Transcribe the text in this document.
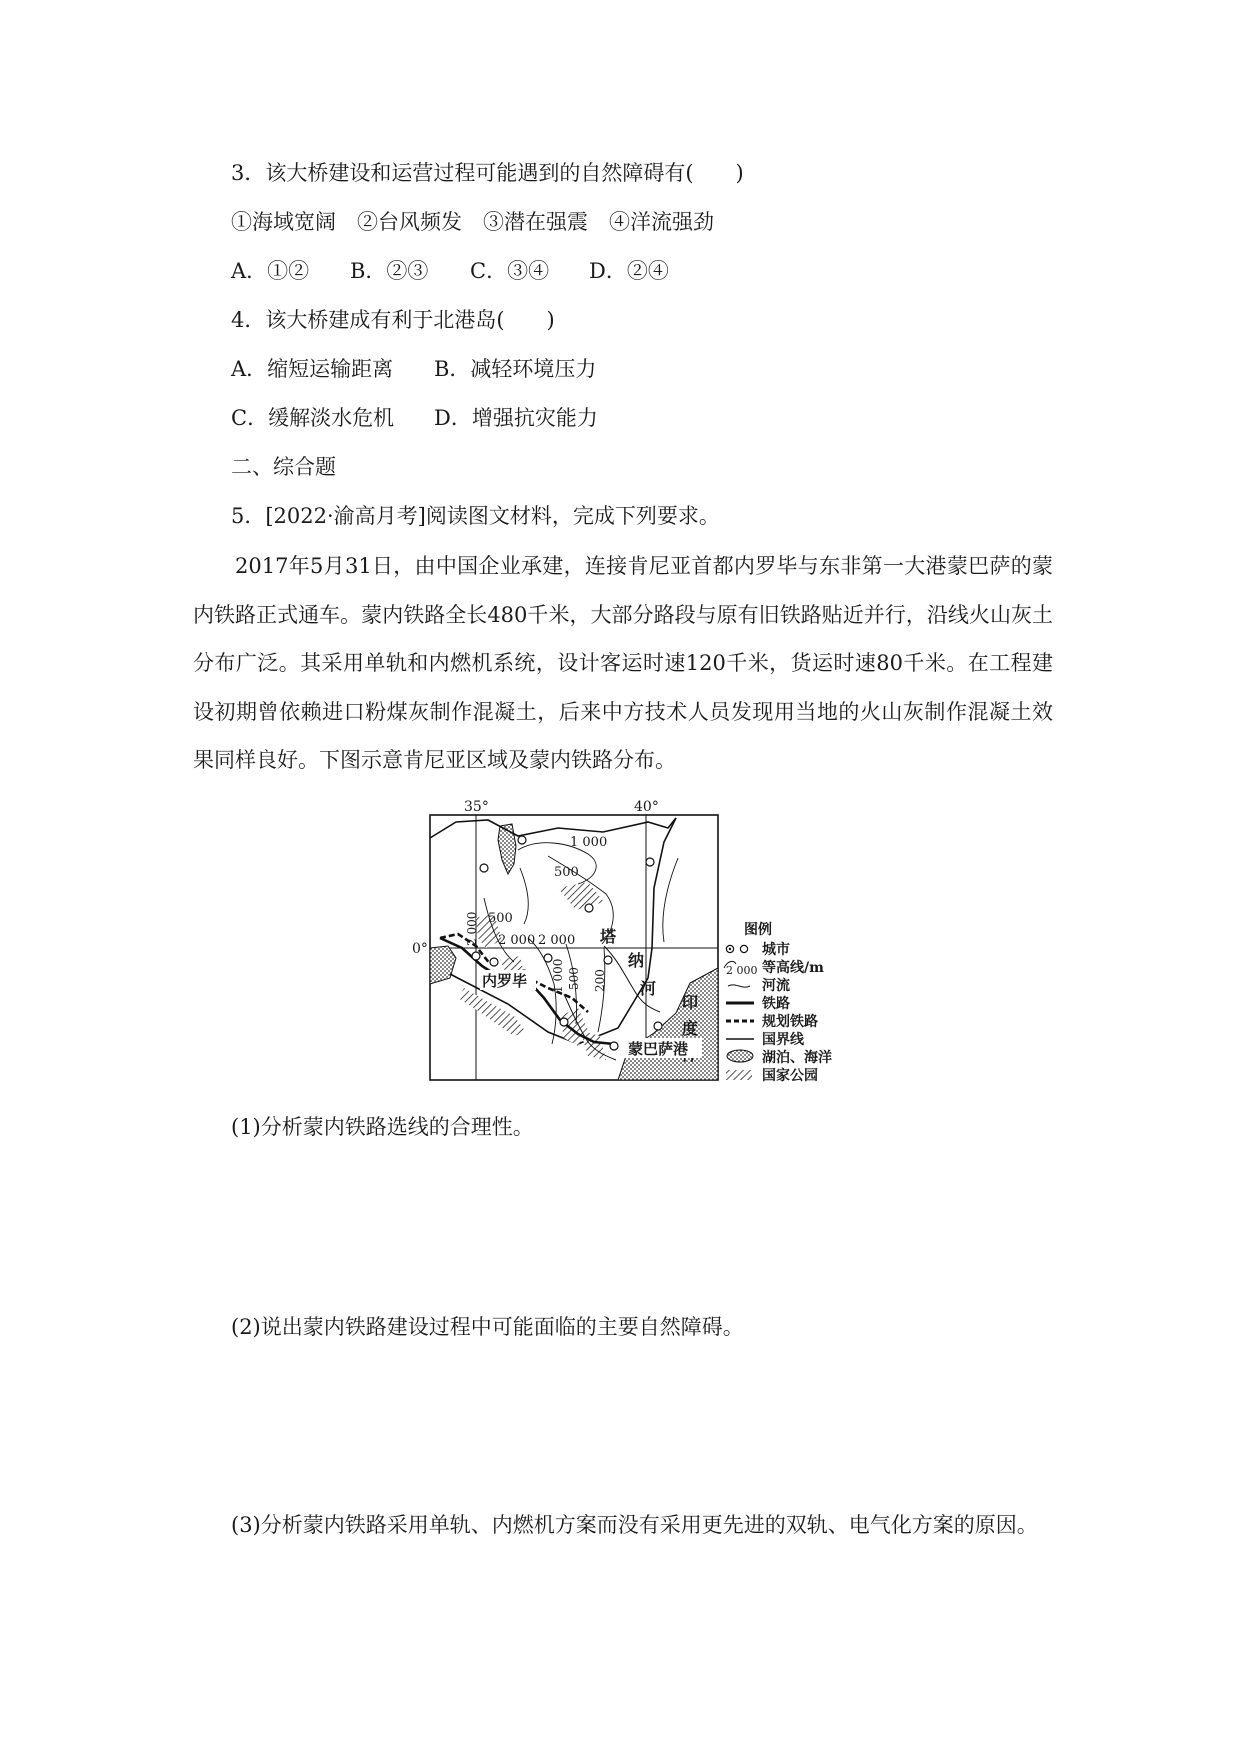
3．该大桥建设和运营过程可能遇到的自然障碍有(　　)
①海域宽阔　②台风频发　③潜在强震　④洋流强劲
A．①② B．②③ C．③④ D．②④
4．该大桥建成有利于北港岛(　　)
A．缩短运输距离 B．减轻环境压力
C．缓解淡水危机 D．增强抗灾能力
二、综合题
5．[2022·渝高月考]阅读图文材料，完成下列要求。
2017年5月31日，由中国企业承建，连接肯尼亚首都内罗毕与东非第一大港蒙巴萨的蒙内铁路正式通车。蒙内铁路全长480千米，大部分路段与原有旧铁路贴近并行，沿线火山灰土分布广泛。其采用单轨和内燃机系统，设计客运时速120千米，货运时速80千米。在工程建设初期曾依赖进口粉煤灰制作混凝土，后来中方技术人员发现用当地的火山灰制作混凝土效果同样良好。下图示意肯尼亚区域及蒙内铁路分布。
35°	40°
0°
1 000
500
500
2 000 2 000
2 000
1 000 500 200
塔
纳
河
印
度
内罗毕
蒙巴萨港
图例
城市
2 000 等高线/m
河流
铁路
规划铁路
国界线
湖泊、海洋
国家公园
(1)分析蒙内铁路选线的合理性。
(2)说出蒙内铁路建设过程中可能面临的主要自然障碍。
(3)分析蒙内铁路采用单轨、内燃机方案而没有采用更先进的双轨、电气化方案的原因。
